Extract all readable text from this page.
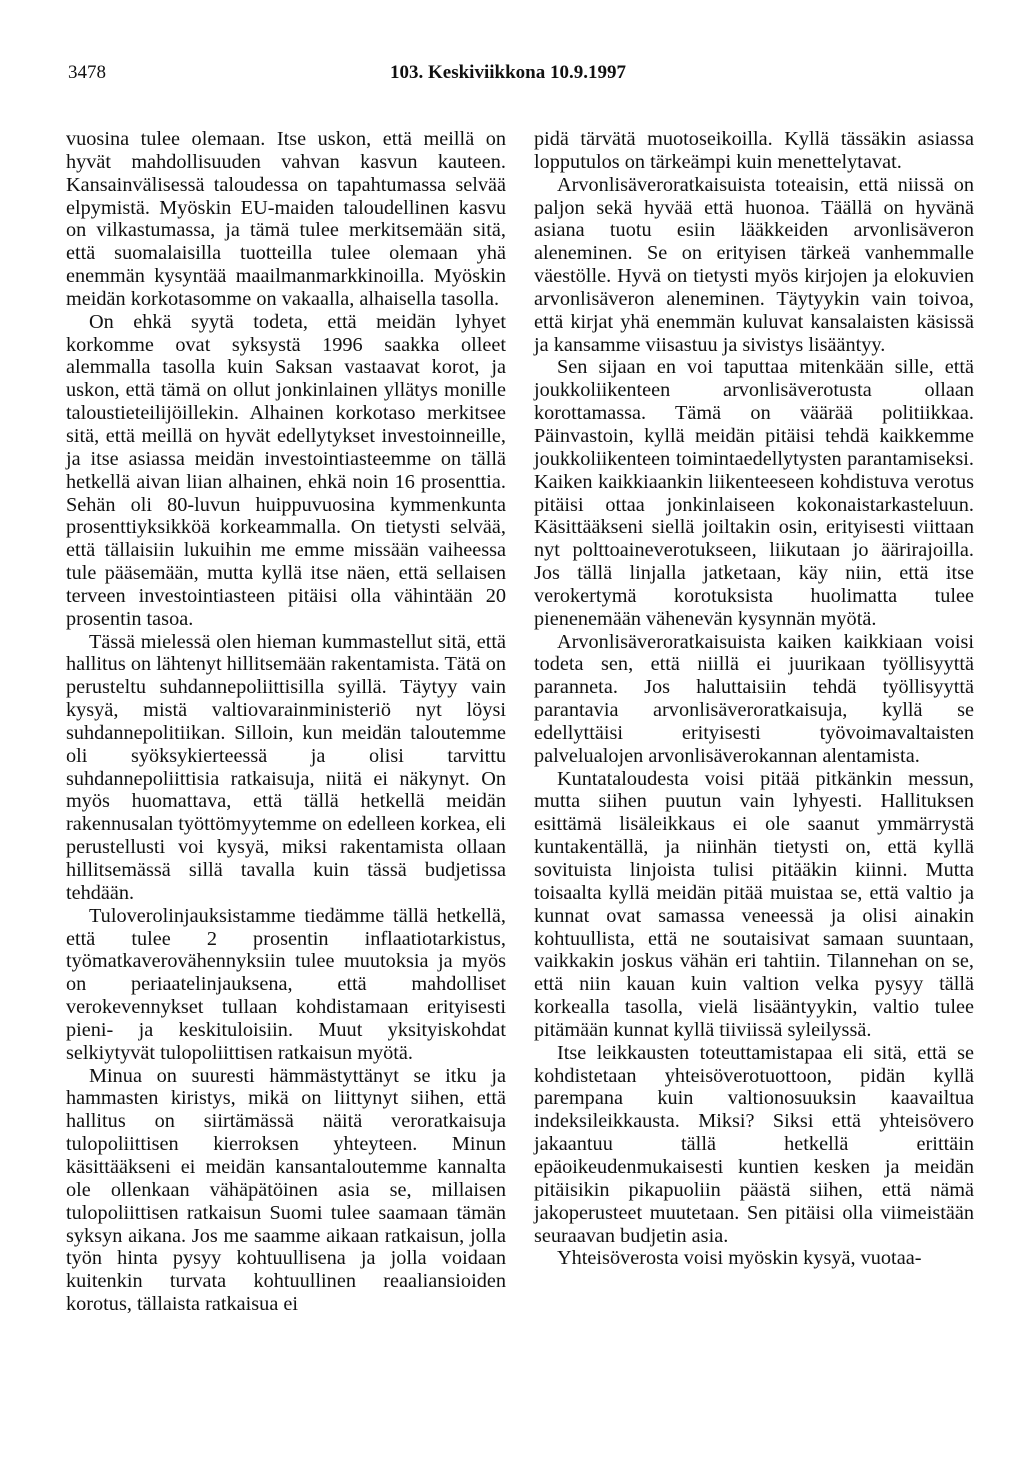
3478	103. Keskiviikkona 10.9.1997

vuosina tulee olemaan. Itse uskon, että meillä on hyvät mahdollisuuden vahvan kasvun kauteen. Kansainvälisessä taloudessa on tapahtumassa selvää elpymistä. Myöskin EU-maiden taloudellinen kasvu on vilkastumassa, ja tämä tulee merkitsemään sitä, että suomalaisilla tuotteilla tulee olemaan yhä enemmän kysyntää maailmanmarkkinoilla. Myöskin meidän korkotasomme on vakaalla, alhaisella tasolla.

On ehkä syytä todeta, että meidän lyhyet korkomme ovat syksystä 1996 saakka olleet alemmalla tasolla kuin Saksan vastaavat korot, ja uskon, että tämä on ollut jonkinlainen yllätys monille taloustieteilijöillekin. Alhainen korkotaso merkitsee sitä, että meillä on hyvät edellytykset investoinneille, ja itse asiassa meidän investointiasteemme on tällä hetkellä aivan liian alhainen, ehkä noin 16 prosenttia. Sehän oli 80-luvun huippuvuosina kymmenkunta prosenttiyksikköä korkeammalla. On tietysti selvää, että tällaisiin lukuihin me emme missään vaiheessa tule pääsemään, mutta kyllä itse näen, että sellaisen terveen investointiasteen pitäisi olla vähintään 20 prosentin tasoa.

Tässä mielessä olen hieman kummastellut sitä, että hallitus on lähtenyt hillitsemään rakentamista. Tätä on perusteltu suhdannepoliittisilla syillä. Täytyy vain kysyä, mistä valtiovarainministeriö nyt löysi suhdannepolitiikan. Silloin, kun meidän taloutemme oli syöksykierteessä ja olisi tarvittu suhdannepoliittisia ratkaisuja, niitä ei näkynyt. On myös huomattava, että tällä hetkellä meidän rakennusalan työttömyytemme on edelleen korkea, eli perustellusti voi kysyä, miksi rakentamista ollaan hillitsemässä sillä tavalla kuin tässä budjetissa tehdään.

Tuloverolinjauksistamme tiedämme tällä hetkellä, että tulee 2 prosentin inflaatiotarkistus, työmatkaverovähennyksiin tulee muutoksia ja myös on periaatelinjauksena, että mahdolliset verokevennykset tullaan kohdistamaan erityisesti pieni- ja keskituloisiin. Muut yksityiskohdat selkiytyvät tulopoliittisen ratkaisun myötä.

Minua on suuresti hämmästyttänyt se itku ja hammasten kiristys, mikä on liittynyt siihen, että hallitus on siirtämässä näitä veroratkaisuja tulopoliittisen kierroksen yhteyteen. Minun käsittääkseni ei meidän kansantaloutemme kannalta ole ollenkaan vähäpätöinen asia se, millaisen tulopoliittisen ratkaisun Suomi tulee saamaan tämän syksyn aikana. Jos me saamme aikaan ratkaisun, jolla työn hinta pysyy kohtuullisena ja jolla voidaan kuitenkin turvata kohtuullinen reaaliansioiden korotus, tällaista ratkaisua ei

pidä tärvätä muotoseikoilla. Kyllä tässäkin asiassa lopputulos on tärkeämpi kuin menettelytavat.

Arvonlisäveroratkaisuista toteaisin, että niissä on paljon sekä hyvää että huonoa. Täällä on hyvänä asiana tuotu esiin lääkkeiden arvonlisäveron aleneminen. Se on erityisen tärkeä vanhemmalle väestölle. Hyvä on tietysti myös kirjojen ja elokuvien arvonlisäveron aleneminen. Täytyykin vain toivoa, että kirjat yhä enemmän kuluvat kansalaisten käsissä ja kansamme viisastuu ja sivistys lisääntyy.

Sen sijaan en voi taputtaa mitenkään sille, että joukkoliikenteen arvonlisäverotusta ollaan korottamassa. Tämä on väärää politiikkaa. Päinvastoin, kyllä meidän pitäisi tehdä kaikkemme joukkoliikenteen toimintaedellytysten parantamiseksi. Kaiken kaikkiaankin liikenteeseen kohdistuva verotus pitäisi ottaa jonkinlaiseen kokonaistarkasteluun. Käsittääkseni siellä joiltakin osin, erityisesti viittaan nyt polttoaineverotukseen, liikutaan jo äärirajoilla. Jos tällä linjalla jatketaan, käy niin, että itse verokertymä korotuksista huolimatta tulee pienenemään vähenevän kysynnän myötä.

Arvonlisäveroratkaisuista kaiken kaikkiaan voisi todeta sen, että niillä ei juurikaan työllisyyttä paranneta. Jos haluttaisiin tehdä työllisyyttä parantavia arvonlisäveroratkaisuja, kyllä se edellyttäisi erityisesti työvoimavaltaisten palvelualojen arvonlisäverokannan alentamista.

Kuntataloudesta voisi pitää pitkänkin messun, mutta siihen puutun vain lyhyesti. Hallituksen esittämä lisäleikkaus ei ole saanut ymmärrystä kuntakentällä, ja niinhän tietysti on, että kyllä sovituista linjoista tulisi pitääkin kiinni. Mutta toisaalta kyllä meidän pitää muistaa se, että valtio ja kunnat ovat samassa veneessä ja olisi ainakin kohtuullista, että ne soutaisivat samaan suuntaan, vaikkakin joskus vähän eri tahtiin. Tilannehan on se, että niin kauan kuin valtion velka pysyy tällä korkealla tasolla, vielä lisääntyykin, valtio tulee pitämään kunnat kyllä tiiviissä syleilyssä.

Itse leikkausten toteuttamistapaa eli sitä, että se kohdistetaan yhteisöverotuottoon, pidän kyllä parempana kuin valtionosuuksin kaavailtua indeksileikkausta. Miksi? Siksi että yhteisövero jakaantuu tällä hetkellä erittäin epäoikeudenmukaisesti kuntien kesken ja meidän pitäisikin pikapuoliin päästä siihen, että nämä jakoperusteet muutetaan. Sen pitäisi olla viimeistään seuraavan budjetin asia.

Yhteisöverosta voisi myöskin kysyä, vuotaa-
